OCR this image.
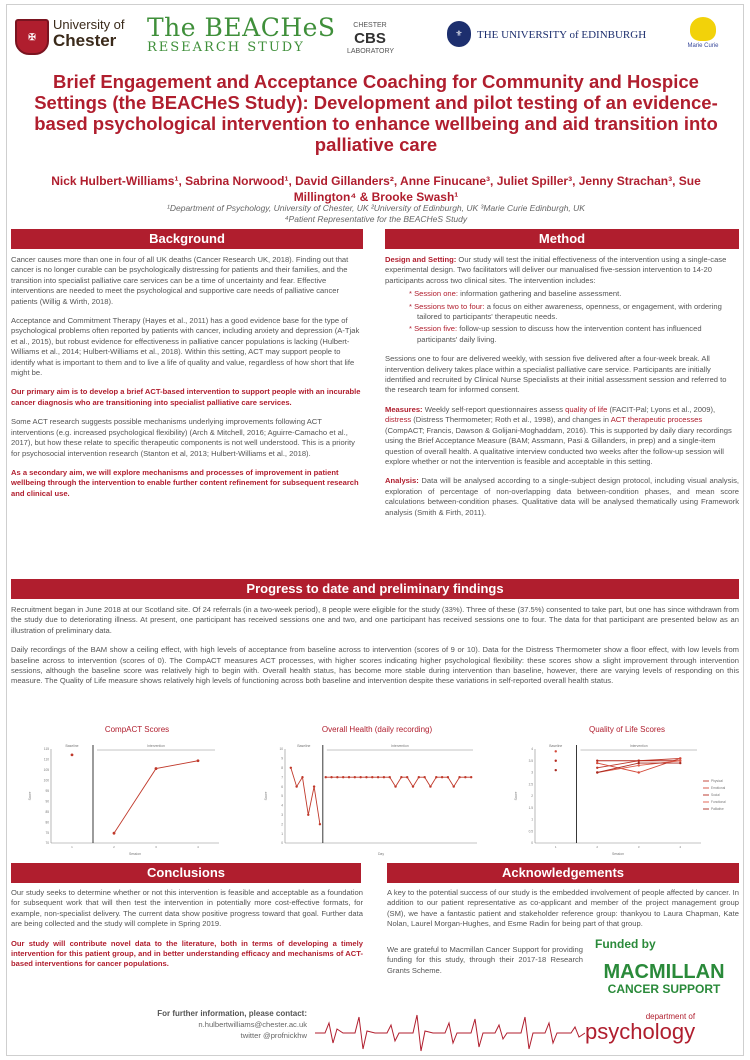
✠
University of
Chester	The BEACHeS
RESEARCH STUDY
CHESTER
CBS
LABORATORY
⚜	THE UNIVERSITY of EDINBURGH
Marie Curie
Brief Engagement and Acceptance Coaching for Community and Hospice Settings (the BEACHeS Study): Development and pilot testing of an evidence-based psychological intervention to enhance wellbeing and aid transition into palliative care
Nick Hulbert-Williams¹, Sabrina Norwood¹, David Gillanders², Anne Finucane³, Juliet Spiller³, Jenny Strachan³, Sue Millington⁴ & Brooke Swash¹
¹Department of Psychology, University of Chester, UK ²University of Edinburgh, UK ³Marie Curie Edinburgh, UK ⁴Patient Representative for the BEACHeS Study
Background

Cancer causes more than one in four of all UK deaths (Cancer Research UK, 2018). Finding out that cancer is no longer curable can be psychologically distressing for patients and their families, and the transition into specialist palliative care services can be a time of uncertainty and fear. Effective interventions are needed to meet the psychological and supportive care needs of palliative cancer patients (Willig & Wirth, 2018).

Acceptance and Commitment Therapy (Hayes et al., 2011) has a good evidence base for the type of psychological problems often reported by patients with cancer, including anxiety and depression (A-Tjak et al., 2015), but robust evidence for effectiveness in palliative cancer populations is lacking (Hulbert-Williams et al., 2014; Hulbert-Williams et al., 2018). Within this setting, ACT may support people to identify what is important to them and to live a life of quality and value, regardless of how short that life might be.

Our primary aim is to develop a brief ACT-based intervention to support people with an incurable cancer diagnosis who are transitioning into specialist palliative care services.

Some ACT research suggests possible mechanisms underlying improvements following ACT interventions (e.g. increased psychological flexibility) (Arch & Mitchell, 2016; Aguirre-Camacho et al., 2017), but how these relate to specific therapeutic components is not well understood. This is a priority for psychosocial intervention research (Stanton et al, 2013; Hulbert-Williams et al., 2018).

As a secondary aim, we will explore mechanisms and processes of improvement in patient wellbeing through the intervention to enable further content refinement for subsequent research and clinical use.

Method

Design and Setting: Our study will test the initial effectiveness of the intervention using a single-case experimental design. Two facilitators will deliver our manualised five-session intervention to 14-20 participants across two clinical sites. The intervention includes:

* Session one: information gathering and baseline assessment.
* Sessions two to four: a focus on either awareness, openness, or engagement, with ordering tailored to participants' therapeutic needs.
* Session five: follow-up session to discuss how the intervention content has influenced participants' daily living.

Sessions one to four are delivered weekly, with session five delivered after a four-week break. All intervention delivery takes place within a specialist palliative care service. Participants are initially identified and recruited by Clinical Nurse Specialists at their initial assessment session and referred to the research team for informed consent.

Measures: Weekly self-report questionnaires assess quality of life (FACIT-Pal; Lyons et al., 2009), distress (Distress Thermometer; Roth et al., 1998), and changes in ACT therapeutic processes (CompACT; Francis, Dawson & Golijani-Moghaddam, 2016). This is supported by daily diary recordings using the Brief Acceptance Measure (BAM; Assmann, Pasi & Gillanders, in prep) and a single-item question of overall health. A qualitative interview conducted two weeks after the follow-up session will explore whether or not the intervention is feasible and acceptable in this setting.

Analysis: Data will be analysed according to a single-subject design protocol, including visual analysis, exploration of percentage of non-overlapping data between-condition phases, and mean score calculations between-condition phases. Qualitative data will be analysed thematically using Framework analysis (Smith & Firth, 2011).

Progress to date and preliminary findings

Recruitment began in June 2018 at our Scotland site. Of 24 referrals (in a two-week period), 8 people were eligible for the study (33%). Three of these (37.5%) consented to take part, but one has since withdrawn from the study due to deteriorating illness. At present, one participant has received sessions one and two, and one participant has received sessions one to four. The data for that participant are presented below as an illustration of preliminary data.

Daily recordings of the BAM show a ceiling effect, with high levels of acceptance from baseline across to intervention (scores of 9 or 10). Data for the Distress Thermometer show a floor effect, with low levels from baseline across to intervention (scores of 0). The CompACT measures ACT processes, with higher scores indicating higher psychological flexibility: these scores show a slight improvement through intervention sessions, although the baseline score was relatively high to begin with. Overall health status, has become more stable during intervention than baseline, however, there are varying levels of responding on this measure. The Quality of Life measure shows relatively high levels of functioning across both baseline and intervention despite these variations in self-reported overall health status.

CompACT Scores	Overall Health (daily recording)	Quality of Life Scores
115
110
105
100
95
90
85
80
75
70
Baseline	Intervention
Session
Score
1	2	3	4
10
9
8
7
6
5
4
3
2
1
0
Baseline	Intervention
Day
Score
4
3.5
3
2.5
2
1.5
1
0.5
0
Baseline	Intervention
Session
Score
1	2	3	4
Physical
Emotional
Social
Functional
Palliative
Conclusions

Our study seeks to determine whether or not this intervention is feasible and acceptable as a foundation for subsequent work that will then test the intervention in potentially more cost-effective formats, for example, non-specialist delivery. The current data show positive progress toward that goal. Further data are being collected and the study will complete in Spring 2019.

Our study will contribute novel data to the literature, both in terms of developing a timely intervention for this patient group, and in better understanding efficacy and mechanisms of ACT-based interventions for cancer populations.

Acknowledgements

A key to the potential success of our study is the embedded involvement of people affected by cancer. In addition to our patient representative as co-applicant and member of the project management group (SM), we have a fantastic patient and stakeholder reference group: thankyou to Laura Chapman, Kate Nolan, Laurel Morgan-Hughes, and Esme Radin for being part of that group.

We are grateful to Macmillan Cancer Support for providing funding for this study, through their 2017-18 Research Grants Scheme.
Funded by
MACMILLAN
CANCER SUPPORT
For further information, please contact:
n.hulbertwilliams@chester.ac.uk
twitter @profnickhw
department of
psychology
